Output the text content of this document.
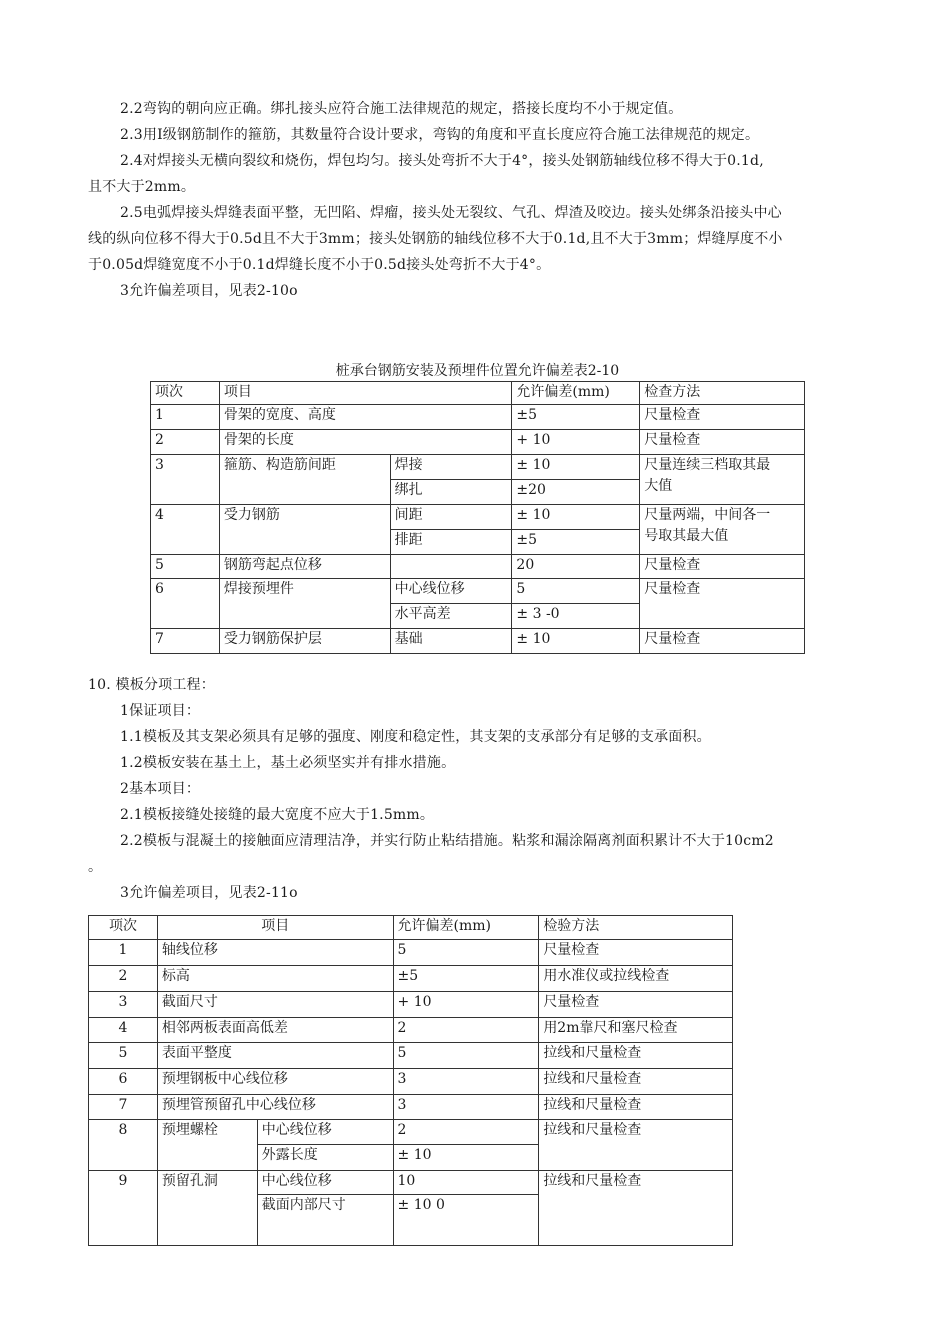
2.2弯钩的朝向应正确。绑扎接头应符合施工法律规范的规定，搭接长度均不小于规定值。
2.3用Ⅰ级钢筋制作的箍筋，其数量符合设计要求，弯钩的角度和平直长度应符合施工法律规范的规定。
2.4对焊接头无横向裂纹和烧伤，焊包均匀。接头处弯折不大于4°，接头处钢筋轴线位移不得大于0.1d,
且不大于2mm。
2.5电弧焊接头焊缝表面平整，无凹陷、焊瘤，接头处无裂纹、气孔、焊渣及咬边。接头处绑条沿接头中心
线的纵向位移不得大于0.5d且不大于3mm；接头处钢筋的轴线位移不大于0.1d,且不大于3mm；焊缝厚度不小
于0.05d焊缝宽度不小于0.1d焊缝长度不小于0.5d接头处弯折不大于4°。
3允许偏差项目，见表2-10o
桩承台钢筋安装及预埋件位置允许偏差表2-10
项次	项目		允许偏差(mm)	检查方法
1	骨架的宽度、高度		±5	尺量检查
2	骨架的长度		+ 10	尺量检查
3	箍筋、构造筋间距	焊接	± 10	尺量连续三档取其最
大值

		绑扎	±20	
4	受力钢筋	间距	± 10	尺量两端，中间各一
号取其最大值

		排距	±5	
5	钢筋弯起点位移		20	尺量检查
6	焊接预埋件	中心线位移	5	尺量检查
		水平高差	± 3 -0	
7	受力钢筋保护层	基础	± 10	尺量检查
10. 模板分项工程：
1保证项目：
1.1模板及其支架必须具有足够的强度、刚度和稳定性，其支架的支承部分有足够的支承面积。
1.2模板安装在基土上，基土必须坚实并有排水措施。
2基本项目：
2.1模板接缝处接缝的最大宽度不应大于1.5mm。
2.2模板与混凝土的接触面应清理洁净，并实行防止粘结措施。粘浆和漏涂隔离剂面积累计不大于10cm2
。
3允许偏差项目，见表2-11o
项次	项目		允许偏差(mm)	检验方法
1	轴线位移		5	尺量检查
2	标高		±5	用水准仪或拉线检查
3	截面尺寸		+ 10	尺量检查
4	相邻两板表面高低差		2	用2m靠尺和塞尺检查
5	表面平整度		5	拉线和尺量检查
6	预埋钢板中心线位移		3	拉线和尺量检查
7	预埋管预留孔中心线位移		3	拉线和尺量检查
8	预埋螺栓	中心线位移	2	拉线和尺量检查
		外露长度	± 10	
9	预留孔洞	中心线位移	10	拉线和尺量检查
		截面内部尺寸	± 10 0	
